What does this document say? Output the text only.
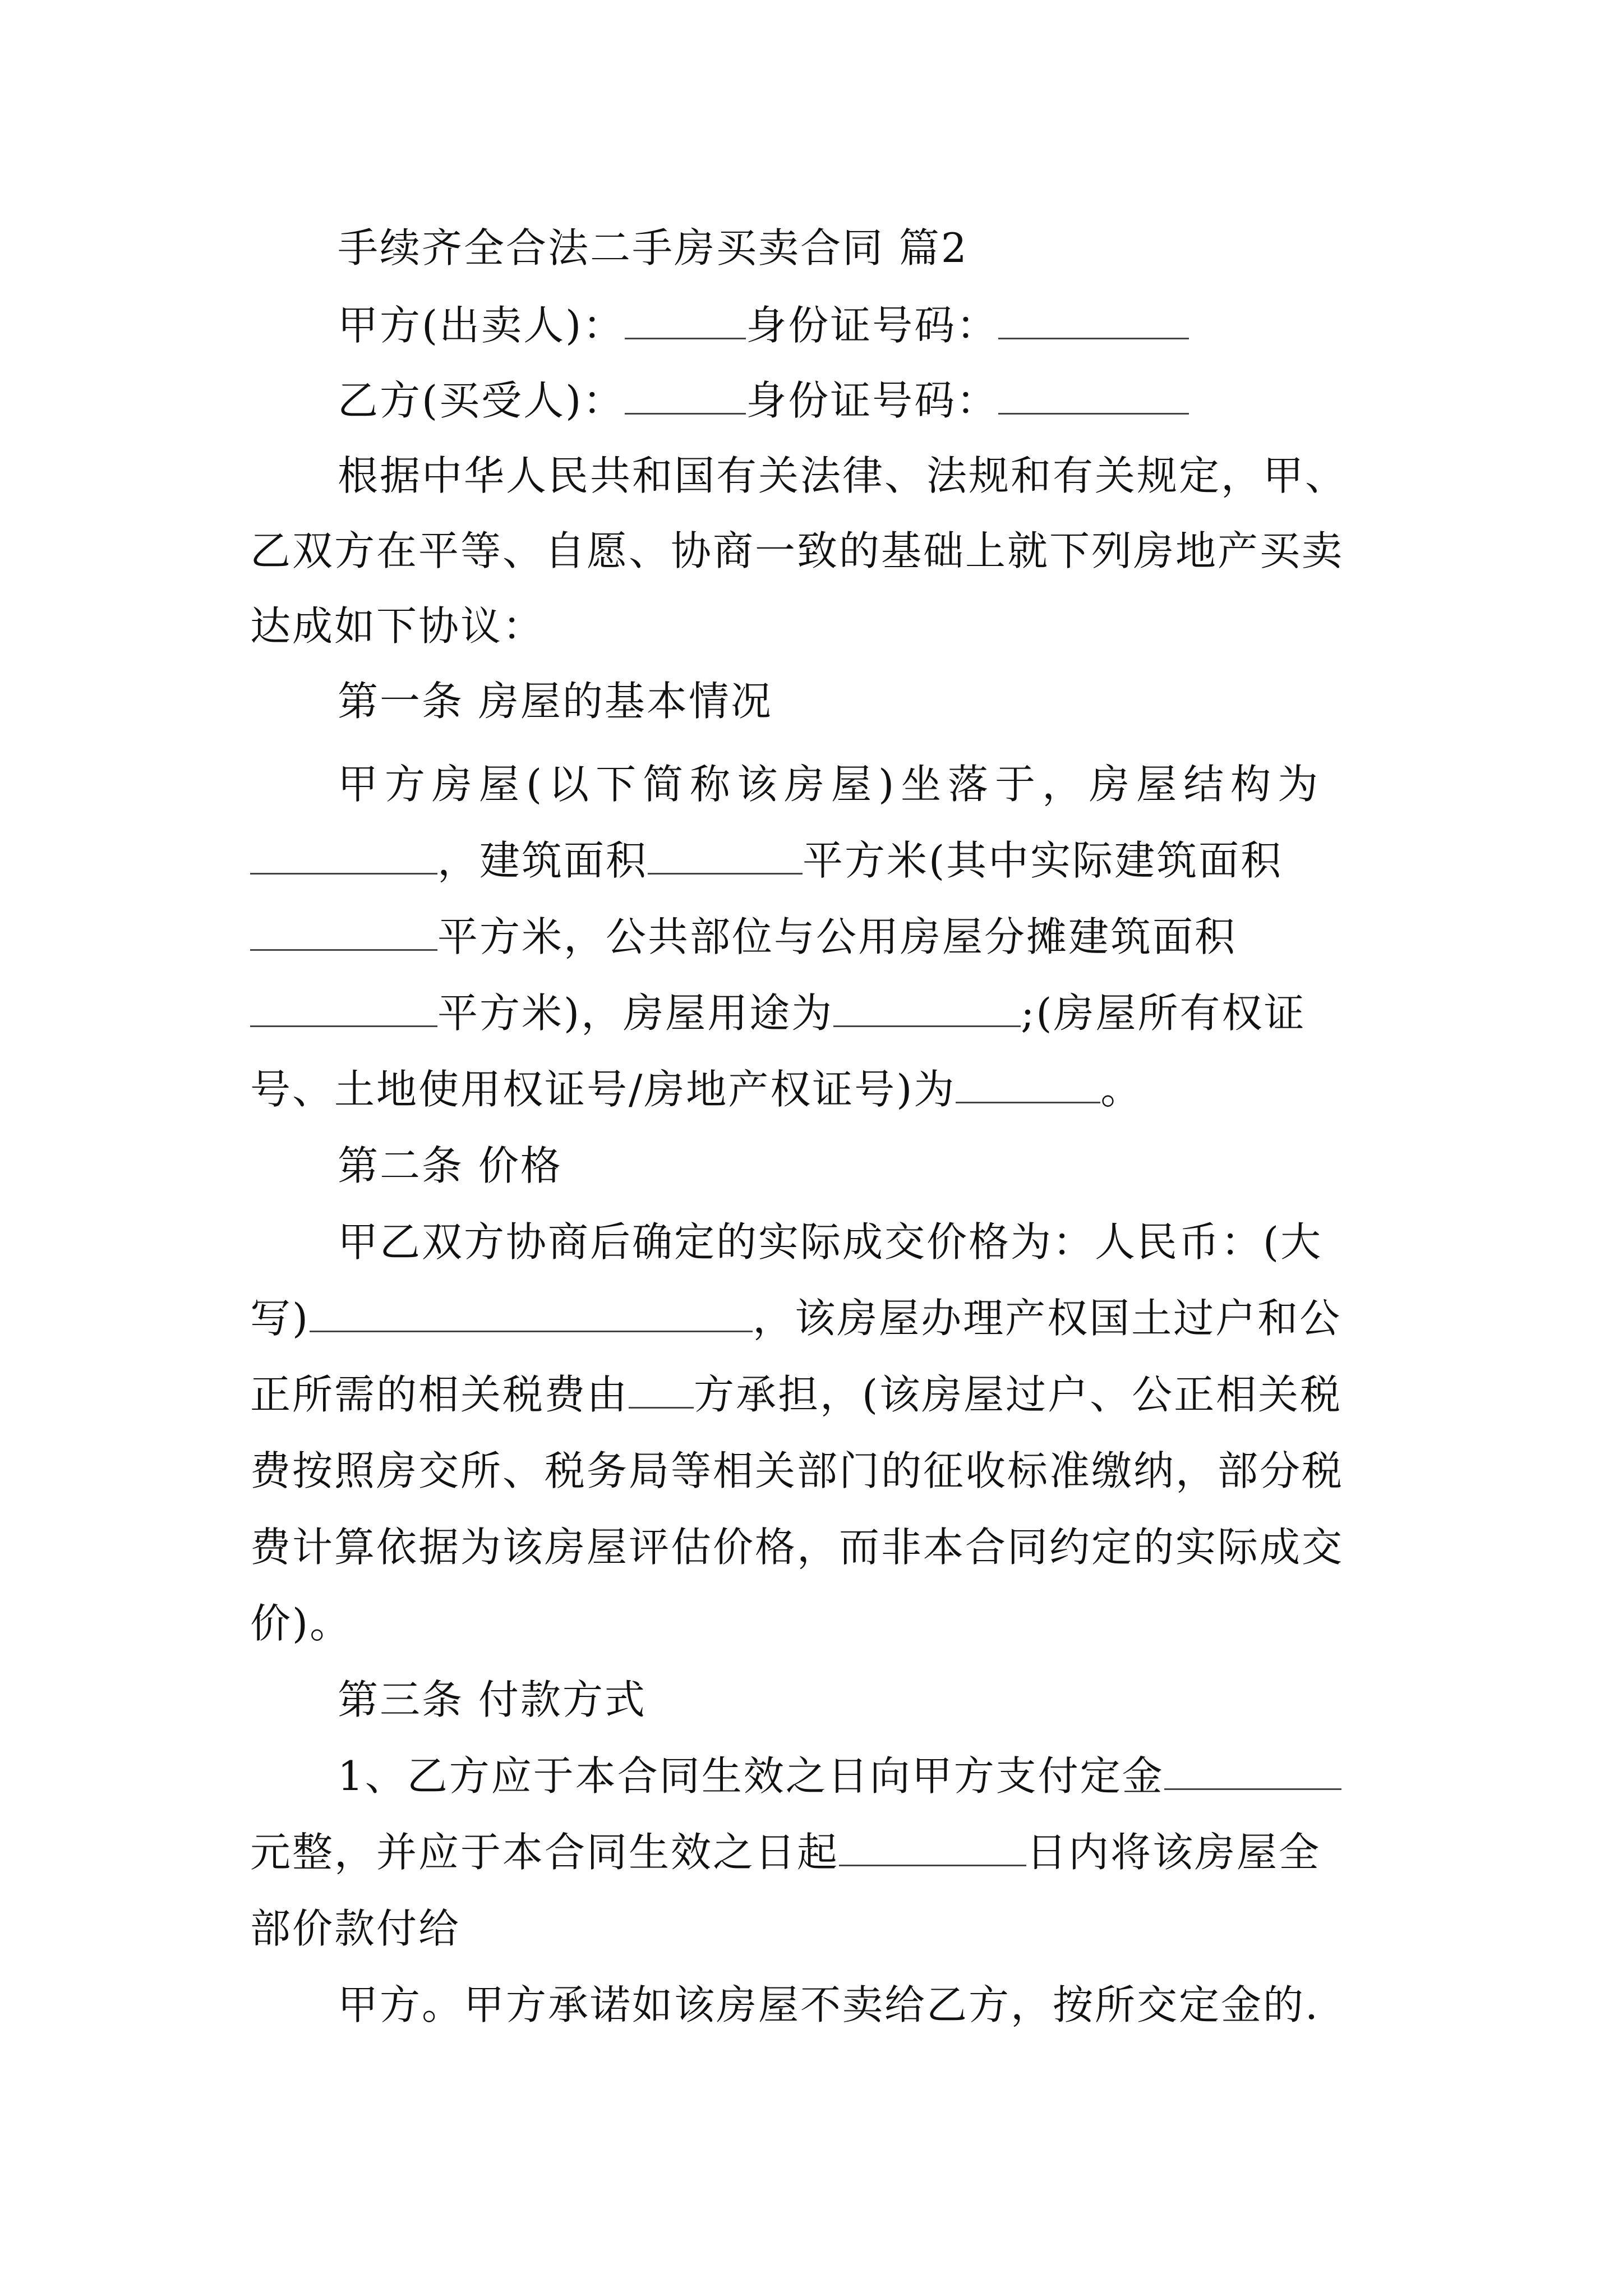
手续齐全合法二手房买卖合同 篇2
甲方(出卖人)：	身份证号码：
乙方(买受人)：	身份证号码：
根据中华人民共和国有关法律、法规和有关规定，甲、
乙双方在平等、自愿、协商一致的基础上就下列房地产买卖
达成如下协议：
第一条 房屋的基本情况
甲方房屋(以下简称该房屋)坐落于，房屋结构为
，建筑面积	平方米(其中实际建筑面积
平方米，公共部位与公用房屋分摊建筑面积
平方米)，房屋用途为	;(房屋所有权证
号、土地使用权证号/房地产权证号)为	。
第二条 价格
甲乙双方协商后确定的实际成交价格为：人民币：(大
写)	，该房屋办理产权国土过户和公
正所需的相关税费由 方承担，(该房屋过户、公正相关税
费按照房交所、税务局等相关部门的征收标准缴纳，部分税
费计算依据为该房屋评估价格，而非本合同约定的实际成交
价)。
第三条 付款方式
1、乙方应于本合同生效之日向甲方支付定金
元整，并应于本合同生效之日起	日内将该房屋全
部价款付给
甲方。甲方承诺如该房屋不卖给乙方，按所交定金的.
